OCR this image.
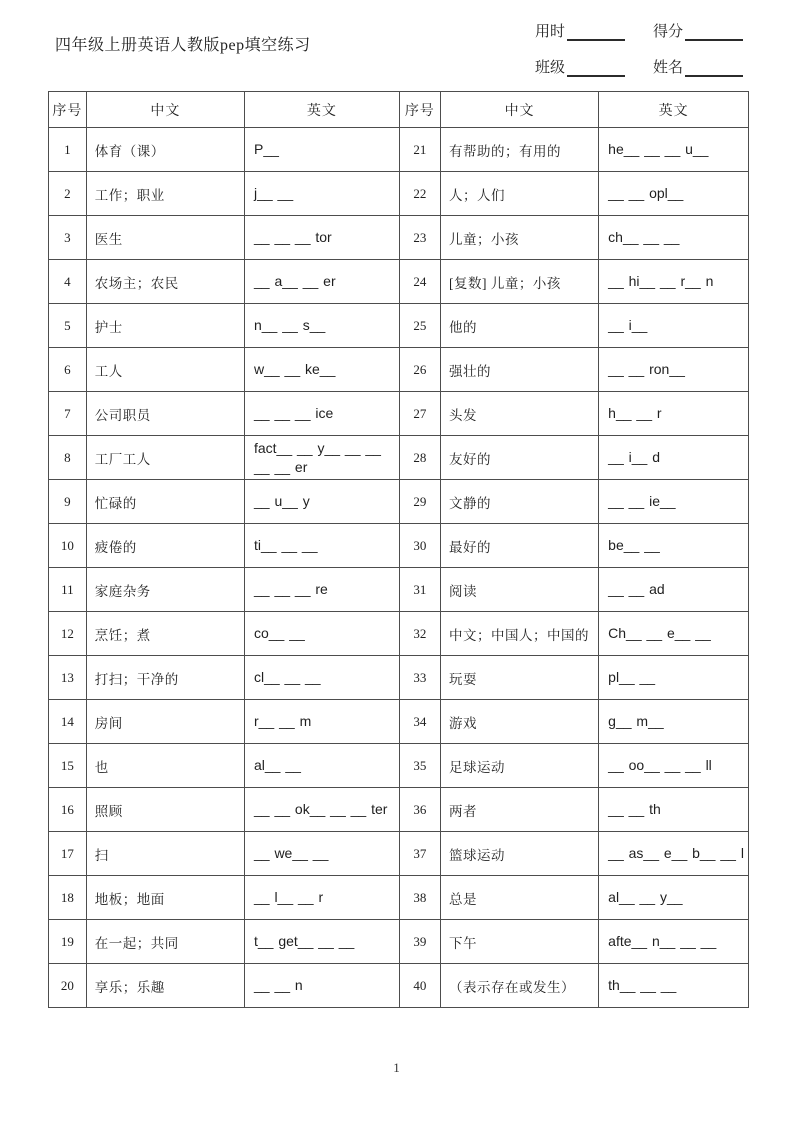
四年级上册英语人教版pep填空练习
用时	得分
班级	姓名
序号	中文	英文	序号	中文	英文
1	体育（课）	P__	21	有帮助的；有用的	he__ __ __ u__
2	工作；职业	j__ __	22	人；人们	__ __ opl__
3	医生	__ __ __ tor	23	儿童；小孩	ch__ __ __
4	农场主；农民	__ a__ __ er	24	[复数] 儿童；小孩	__ hi__ __ r__ n
5	护士	n__ __ s__	25	他的	__ i__
6	工人	w__ __ ke__	26	强壮的	__ __ ron__
7	公司职员	__ __ __ ice	27	头发	h__ __ r
8	工厂工人	fact__ __ y__ __ __ __ __ er	28	友好的	__ i__ d
9	忙碌的	__ u__ y	29	文静的	__ __ ie__
10	疲倦的	ti__ __ __	30	最好的	be__ __
11	家庭杂务	__ __ __ re	31	阅读	__ __ ad
12	烹饪；煮	co__ __	32	中文；中国人；中国的	Ch__ __ e__ __
13	打扫；干净的	cl__ __ __	33	玩耍	pl__ __
14	房间	r__ __ m	34	游戏	g__ m__
15	也	al__ __	35	足球运动	__ oo__ __ __ ll
16	照顾	__ __ ok__ __ __ ter	36	两者	__ __ th
17	扫	__ we__ __	37	篮球运动	__ as__ e__ b__ __ l
18	地板；地面	__ l__ __ r	38	总是	al__ __ y__
19	在一起；共同	t__ get__ __ __	39	下午	afte__ n__ __ __
20	享乐；乐趣	__ __ n	40	（表示存在或发生）	th__ __ __
1
